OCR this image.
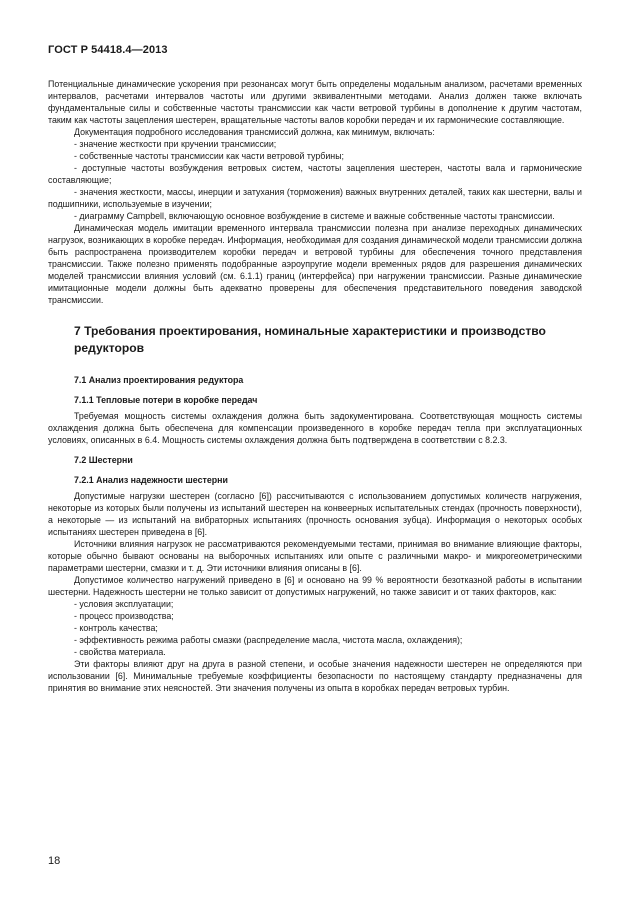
ГОСТ Р 54418.4—2013

Потенциальные динамические ускорения при резонансах могут быть определены модальным анализом, расчетами временных интервалов, расчетами интервалов частоты или другими эквивалентными методами. Анализ должен также включать фундаментальные силы и собственные частоты трансмиссии как части ветровой турбины в дополнение к другим частотам, таким как частоты зацепления шестерен, вращательные частоты валов коробки передач и их гармонические составляющие.

Документация подробного исследования трансмиссий должна, как минимум, включать:

- значение жесткости при кручении трансмиссии;

- собственные частоты трансмиссии как части ветровой турбины;

- доступные частоты возбуждения ветровых систем, частоты зацепления шестерен, частоты вала и гармонические составляющие;

- значения жесткости, массы, инерции и затухания (торможения) важных внутренних деталей, таких как шестерни, валы и подшипники, используемые в изучении;

- диаграмму Campbell, включающую основное возбуждение в системе и важные собственные частоты трансмиссии.

Динамическая модель имитации временного интервала трансмиссии полезна при анализе переходных динамических нагрузок, возникающих в коробке передач. Информация, необходимая для создания динамической модели трансмиссии должна быть распространена производителем коробки передач и ветровой турбины для обеспечения точного представления трансмиссии. Также полезно применять подобранные аэроупругие модели временных рядов для разрешения динамических моделей трансмиссии влияния условий (см. 6.1.1) границ (интерфейса) при нагружении трансмиссии. Разные динамические имитационные модели должны быть адекватно проверены для обеспечения представительного поведения заводской трансмиссии.

7 Требования проектирования, номинальные характеристики и производство редукторов
7.1 Анализ проектирования редуктора
7.1.1 Тепловые потери в коробке передач

Требуемая мощность системы охлаждения должна быть задокументирована. Соответствующая мощность системы охлаждения должна быть обеспечена для компенсации произведенного в коробке передач тепла при эксплуатационных условиях, описанных в 6.4. Мощность системы охлаждения должна быть подтверждена в соответствии с 8.2.3.

7.2 Шестерни
7.2.1 Анализ надежности шестерни

Допустимые нагрузки шестерен (согласно [6]) рассчитываются с использованием допустимых количеств нагружения, некоторые из которых были получены из испытаний шестерен на конвеерных испытательных стендах (прочность поверхности), а некоторые — из испытаний на вибраторных испытаниях (прочность основания зубца). Информация о некоторых особых испытаниях шестерен приведена в [6].

Источники влияния нагрузок не рассматриваются рекомендуемыми тестами, принимая во внимание влияющие факторы, которые обычно бывают основаны на выборочных испытаниях или опыте с различными макро- и микрогеометрическими параметрами шестерни, смазки и т. д. Эти источники влияния описаны в [6].

Допустимое количество нагружений приведено в [6] и основано на 99 % вероятности безотказной работы в испытании шестерни. Надежность шестерни не только зависит от допустимых нагружений, но также зависит и от таких факторов, как:

- условия эксплуатации;

- процесс производства;

- контроль качества;

- эффективность режима работы смазки (распределение масла, чистота масла, охлаждения);

- свойства материала.

Эти факторы влияют друг на друга в разной степени, и особые значения надежности шестерен не определяются при использовании [6]. Минимальные требуемые коэффициенты безопасности по настоящему стандарту предназначены для принятия во внимание этих неясностей. Эти значения получены из опыта в коробках передач ветровых турбин.

18
